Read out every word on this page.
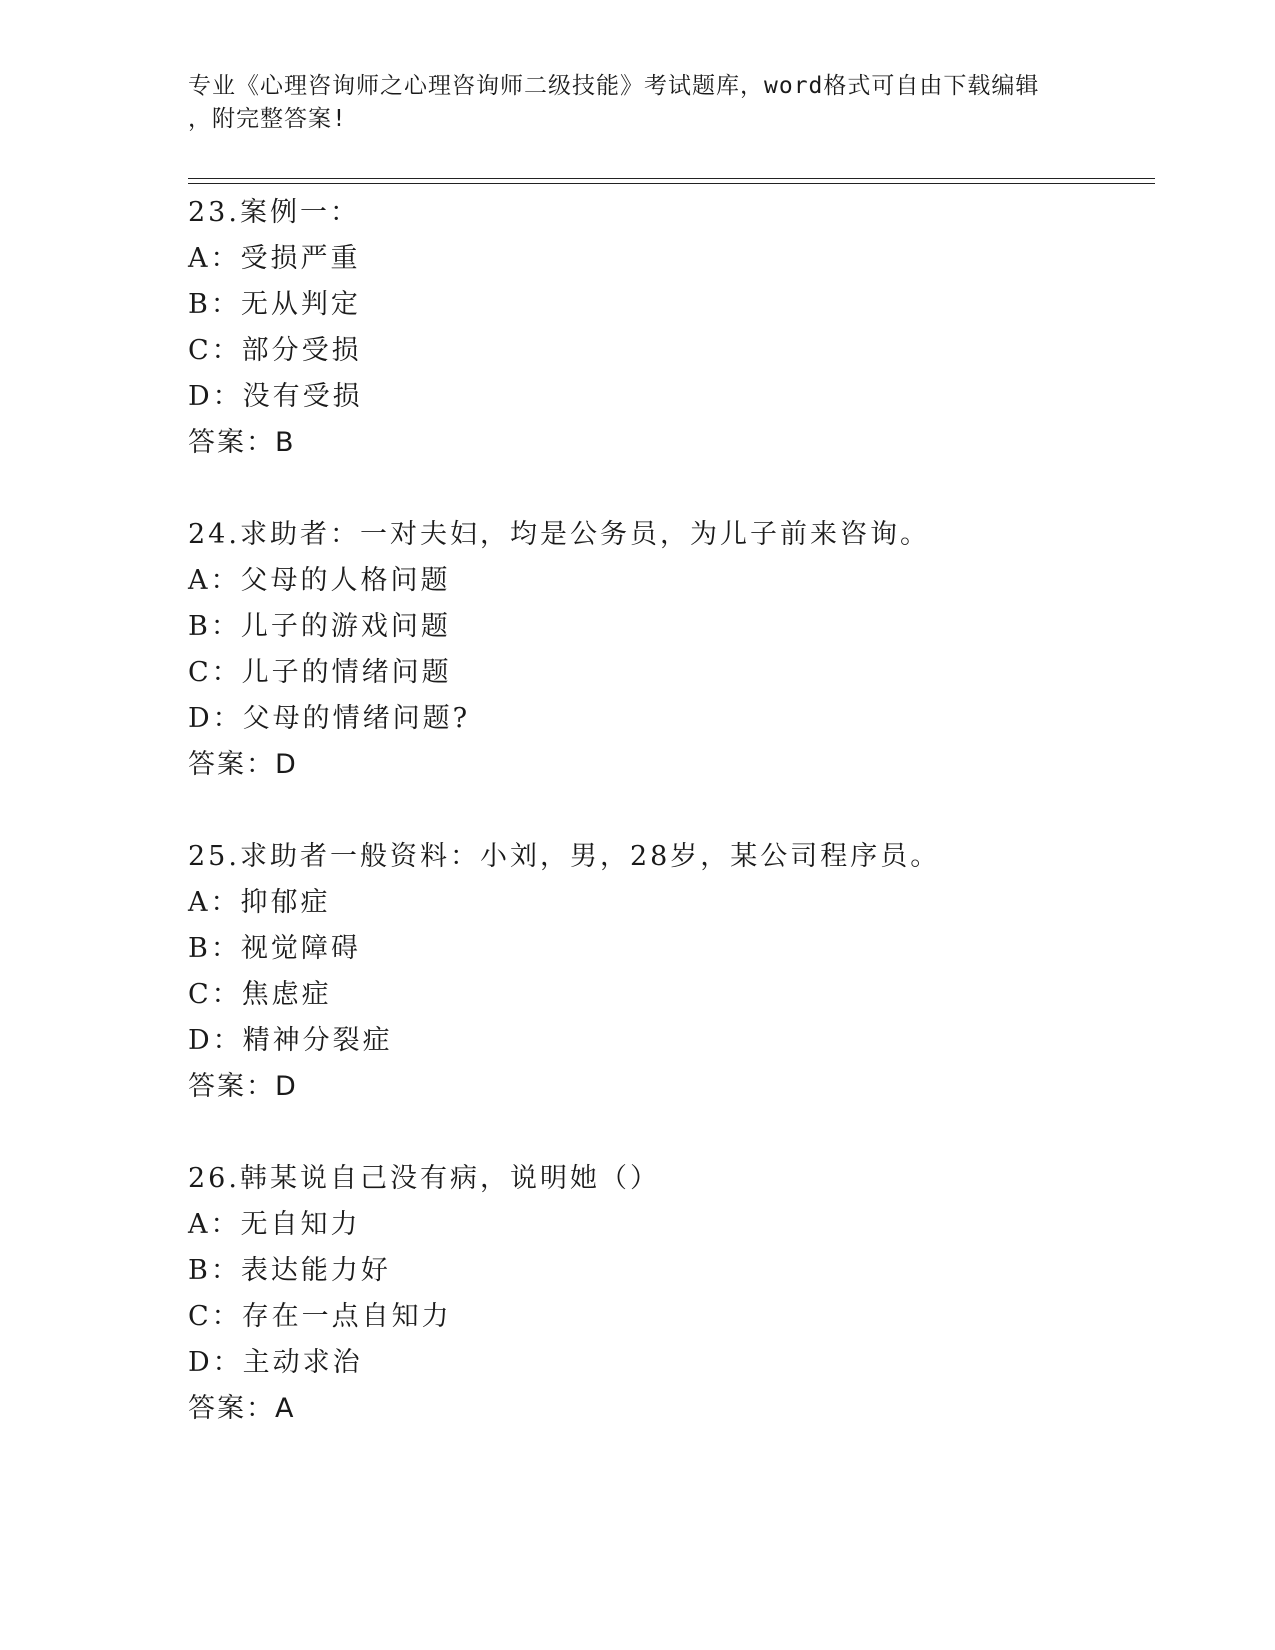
专业《心理咨询师之心理咨询师二级技能》考试题库，word格式可自由下载编辑

，附完整答案!

23.案例一：
A：受损严重
B：无从判定
C：部分受损
D：没有受损
答案：B
24.求助者：一对夫妇，均是公务员，为儿子前来咨询。
A：父母的人格问题
B：儿子的游戏问题
C：儿子的情绪问题
D：父母的情绪问题?
答案：D
25.求助者一般资料：小刘，男，28岁，某公司程序员。
A：抑郁症
B：视觉障碍
C：焦虑症
D：精神分裂症
答案：D
26.韩某说自己没有病，说明她（）
A：无自知力
B：表达能力好
C：存在一点自知力
D：主动求治
答案：A
